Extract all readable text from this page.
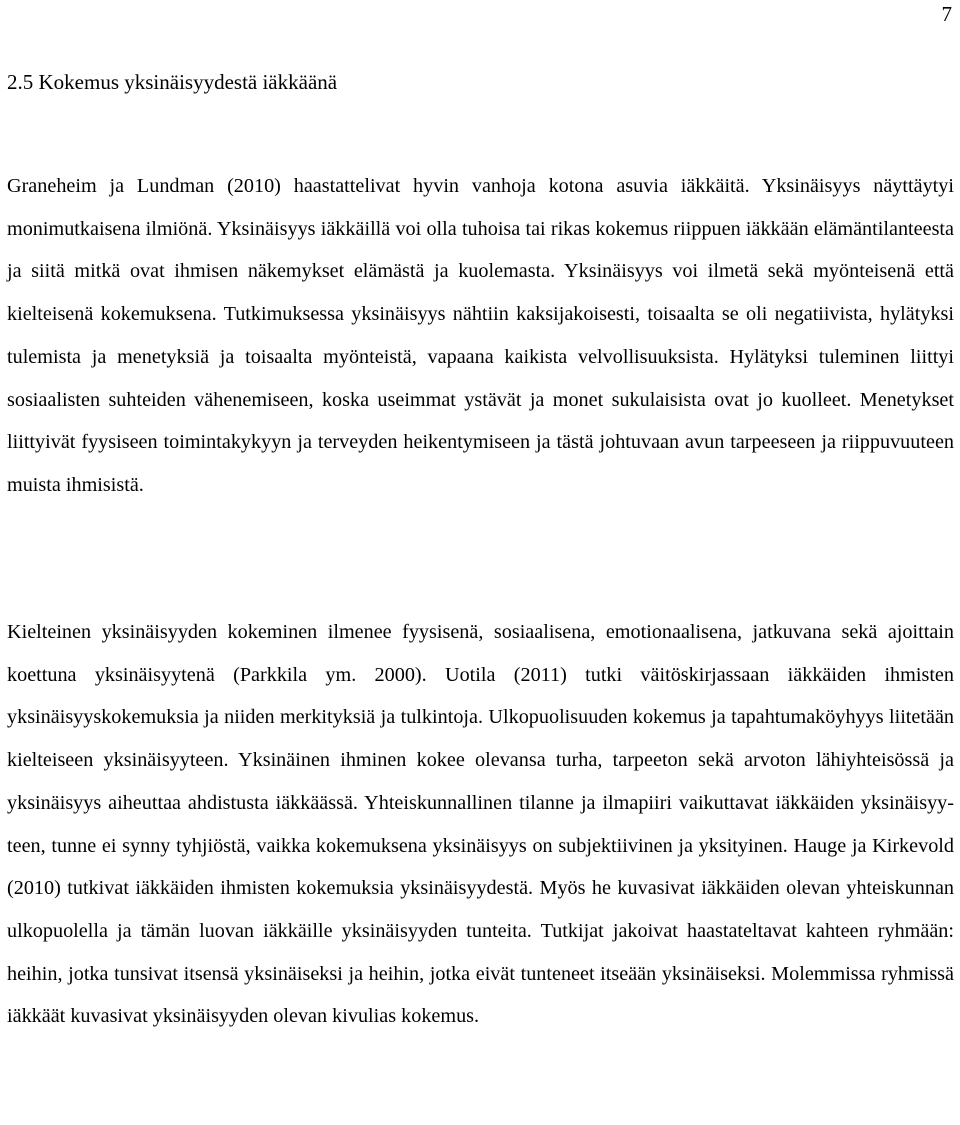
7
2.5 Kokemus yksinäisyydestä iäkkäänä

Graneheim ja Lundman (2010) haastattelivat hyvin vanhoja kotona asuvia iäkkäitä. Yksinäisyys näyttäytyi monimutkaisena ilmiönä. Yksinäisyys iäkkäillä voi olla tuhoisa tai rikas kokemus riippuen iäkkään elämäntilanteesta ja siitä mitkä ovat ihmisen näkemykset elämästä ja kuolemasta. Yksinäisyys voi ilmetä sekä myönteisenä että kielteisenä kokemuksena. Tutkimuksessa yksinäisyys nähtiin kaksijakoisesti, toisaalta se oli negatiivista, hylätyksi tulemista ja menetyksiä ja toisaalta myönteistä, vapaana kaikista velvollisuuksista. Hylätyksi tuleminen liittyi sosiaalisten suhteiden vähenemiseen, koska useimmat ystävät ja monet sukulaisista ovat jo kuolleet. Menetykset liittyivät fyysiseen toimintakykyyn ja terveyden heikentymiseen ja tästä johtuvaan avun tarpeeseen ja riippuvuuteen muista ihmisistä.

Kielteinen yksinäisyyden kokeminen ilmenee fyysisenä, sosiaalisena, emotionaalisena, jatkuvana sekä ajoittain koettuna yksinäisyytenä (Parkkila ym. 2000). Uotila (2011) tutki väitöskirjassaan iäkkäiden ihmisten yksinäisyyskokemuksia ja niiden merkityksiä ja tulkintoja. Ulkopuolisuuden kokemus ja tapahtumaköyhyys liitetään kielteiseen yksinäisyyteen. Yksinäinen ihminen kokee olevansa turha, tarpeeton sekä arvoton lähiyhteisössä ja yksinäisyys aiheuttaa ahdistusta iäkkäässä. Yhteiskunnallinen tilanne ja ilmapiiri vaikuttavat iäkkäiden yksinäisyyteen, tunne ei synny tyhjiöstä, vaikka kokemuksena yksinäisyys on subjektiivinen ja yksityinen. Hauge ja Kirkevold (2010) tutkivat iäkkäiden ihmisten kokemuksia yksinäisyydestä. Myös he kuvasivat iäkkäiden olevan yhteiskunnan ulkopuolella ja tämän luovan iäkkäille yksinäisyyden tunteita. Tutkijat jakoivat haastateltavat kahteen ryhmään: heihin, jotka tunsivat itsensä yksinäiseksi ja heihin, jotka eivät tunteneet itseään yksinäiseksi. Molemmissa ryhmissä iäkkäät kuvasivat yksinäisyyden olevan kivulias kokemus.
